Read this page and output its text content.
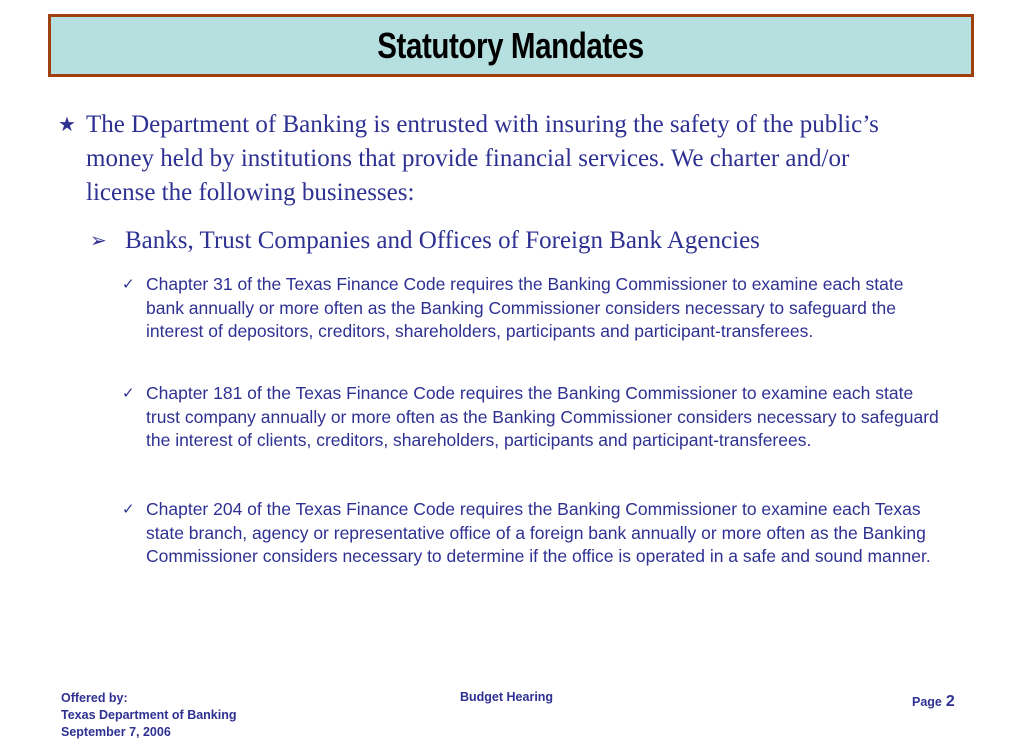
Statutory Mandates
★ The Department of Banking is entrusted with insuring the safety of the public’s money held by institutions that provide financial services. We charter and/or license the following businesses:
➢ Banks, Trust Companies and Offices of Foreign Bank Agencies
✓ Chapter 31 of the Texas Finance Code requires the Banking Commissioner to examine each state bank annually or more often as the Banking Commissioner considers necessary to safeguard the interest of depositors, creditors, shareholders, participants and participant-transferees.
✓ Chapter 181 of the Texas Finance Code requires the Banking Commissioner to examine each state trust company annually or more often as the Banking Commissioner considers necessary to safeguard the interest of clients, creditors, shareholders, participants and participant-transferees.
✓ Chapter 204 of the Texas Finance Code requires the Banking Commissioner to examine each Texas state branch, agency or representative office of a foreign bank annually or more often as the Banking Commissioner considers necessary to determine if the office is operated in a safe and sound manner.
Offered by:
Texas Department of Banking
September 7, 2006
Budget Hearing	Page 2
